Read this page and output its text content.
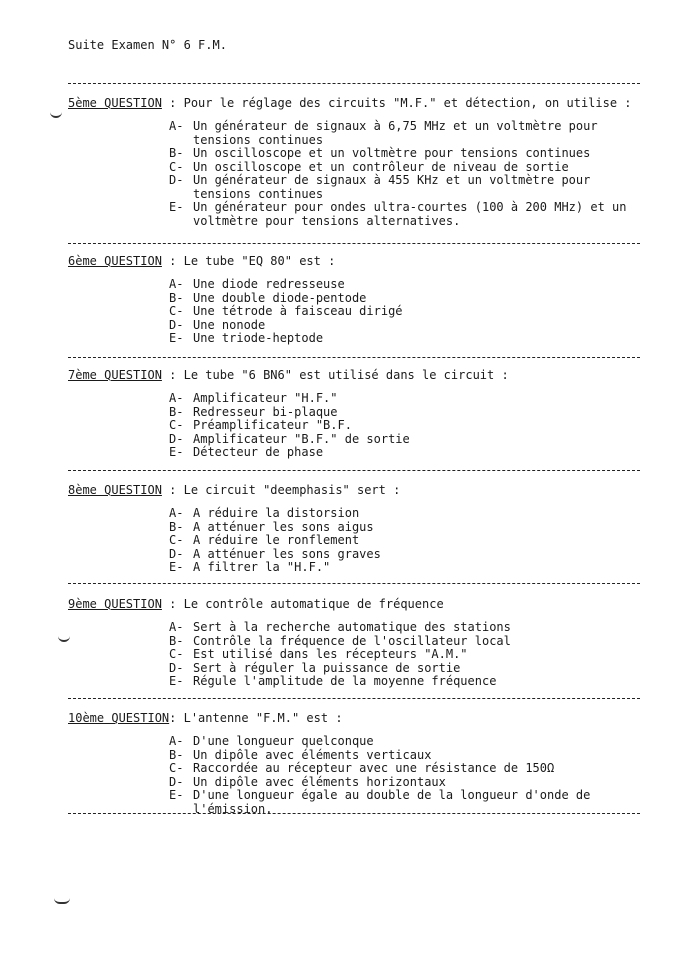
Suite Examen N° 6 F.M.
5ème QUESTION : Pour le réglage des circuits "M.F." et détection, on utilise :
A- Un générateur de signaux à 6,75 MHz et un voltmètre pour tensions continues
B- Un oscilloscope et un voltmètre pour tensions continues
C- Un oscilloscope et un contrôleur de niveau de sortie
D- Un générateur de signaux à 455 KHz et un voltmètre pour tensions continues
E- Un générateur pour ondes ultra-courtes (100 à 200 MHz) et un voltmètre pour tensions alternatives.
6ème QUESTION : Le tube "EQ 80" est :
A- Une diode redresseuse
B- Une double diode-pentode
C- Une tétrode à faisceau dirigé
D- Une nonode
E- Une triode-heptode
7ème QUESTION : Le tube "6 BN6" est utilisé dans le circuit :
A- Amplificateur "H.F."
B- Redresseur bi-plaque
C- Préamplificateur "B.F.
D- Amplificateur "B.F." de sortie
E- Détecteur de phase
8ème QUESTION : Le circuit "deemphasis" sert :
A- A réduire la distorsion
B- A atténuer les sons aigus
C- A réduire le ronflement
D- A atténuer les sons graves
E- A filtrer la "H.F."
9ème QUESTION : Le contrôle automatique de fréquence
A- Sert à la recherche automatique des stations
B- Contrôle la fréquence de l'oscillateur local
C- Est utilisé dans les récepteurs "A.M."
D- Sert à réguler la puissance de sortie
E- Régule l'amplitude de la moyenne fréquence
10ème QUESTION: L'antenne "F.M." est :
A- D'une longueur quelconque
B- Un dipôle avec éléments verticaux
C- Raccordée au récepteur avec une résistance de 150Ω
D- Un dipôle avec éléments horizontaux
E- D'une longueur égale au double de la longueur d'onde de l'émission.
